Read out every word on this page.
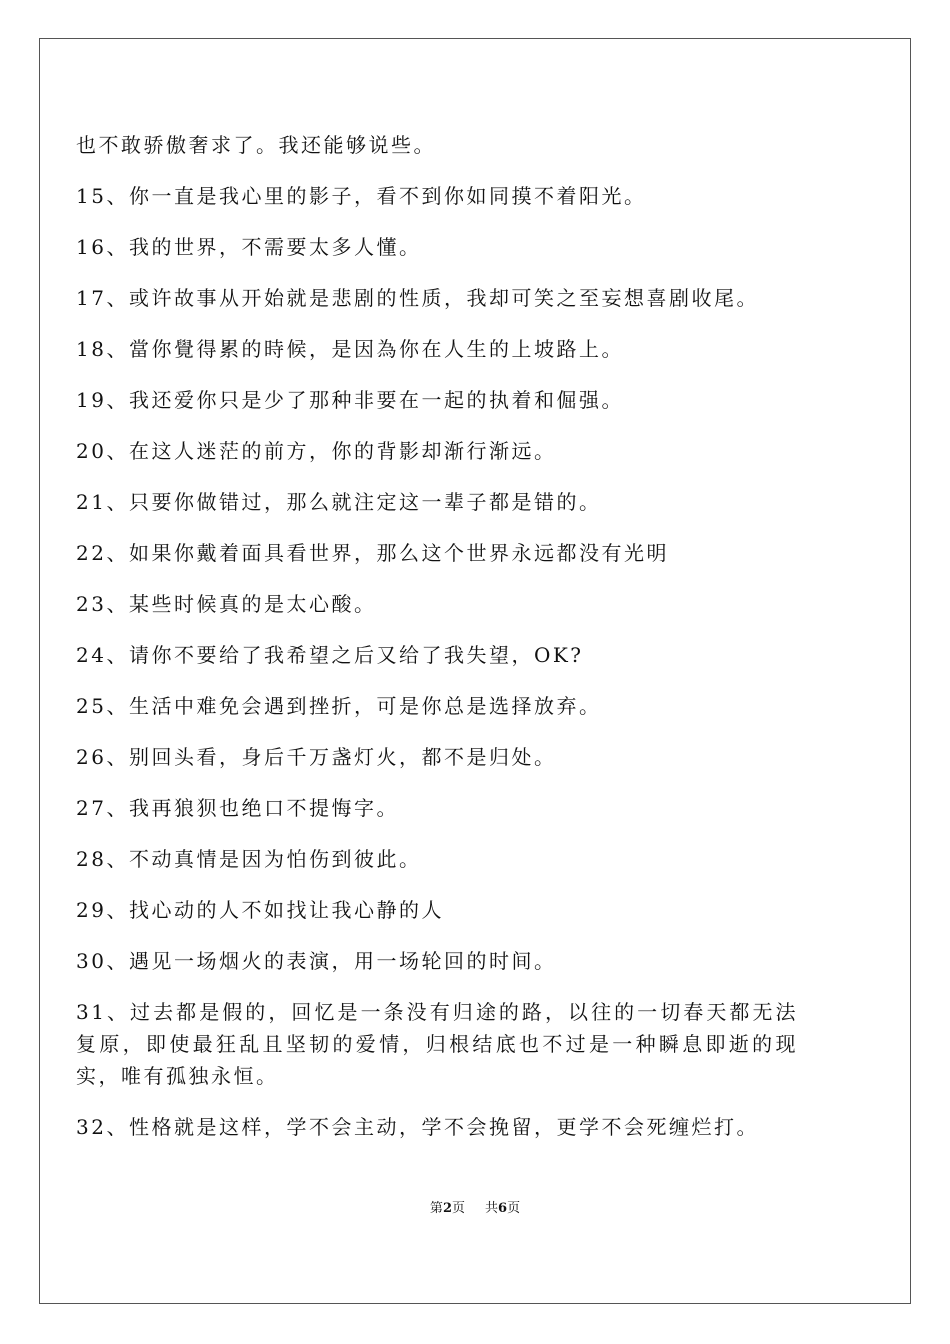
也不敢骄傲奢求了。我还能够说些。

15、你一直是我心里的影子，看不到你如同摸不着阳光。

16、我的世界，不需要太多人懂。

17、或许故事从开始就是悲剧的性质，我却可笑之至妄想喜剧收尾。

18、當你覺得累的時候，是因為你在人生的上坡路上。

19、我还爱你只是少了那种非要在一起的执着和倔强。

20、在这人迷茫的前方，你的背影却渐行渐远。

21、只要你做错过，那么就注定这一辈子都是错的。

22、如果你戴着面具看世界，那么这个世界永远都没有光明

23、某些时候真的是太心酸。

24、请你不要给了我希望之后又给了我失望，OK?

25、生活中难免会遇到挫折，可是你总是选择放弃。

26、别回头看，身后千万盏灯火，都不是归处。

27、我再狼狈也绝口不提悔字。

28、不动真情是因为怕伤到彼此。

29、找心动的人不如找让我心静的人

30、遇见一场烟火的表演，用一场轮回的时间。

31、过去都是假的，回忆是一条没有归途的路，以往的一切春天都无法复原，即使最狂乱且坚韧的爱情，归根结底也不过是一种瞬息即逝的现实，唯有孤独永恒。

32、性格就是这样，学不会主动，学不会挽留，更学不会死缠烂打。

第2页 共6页
